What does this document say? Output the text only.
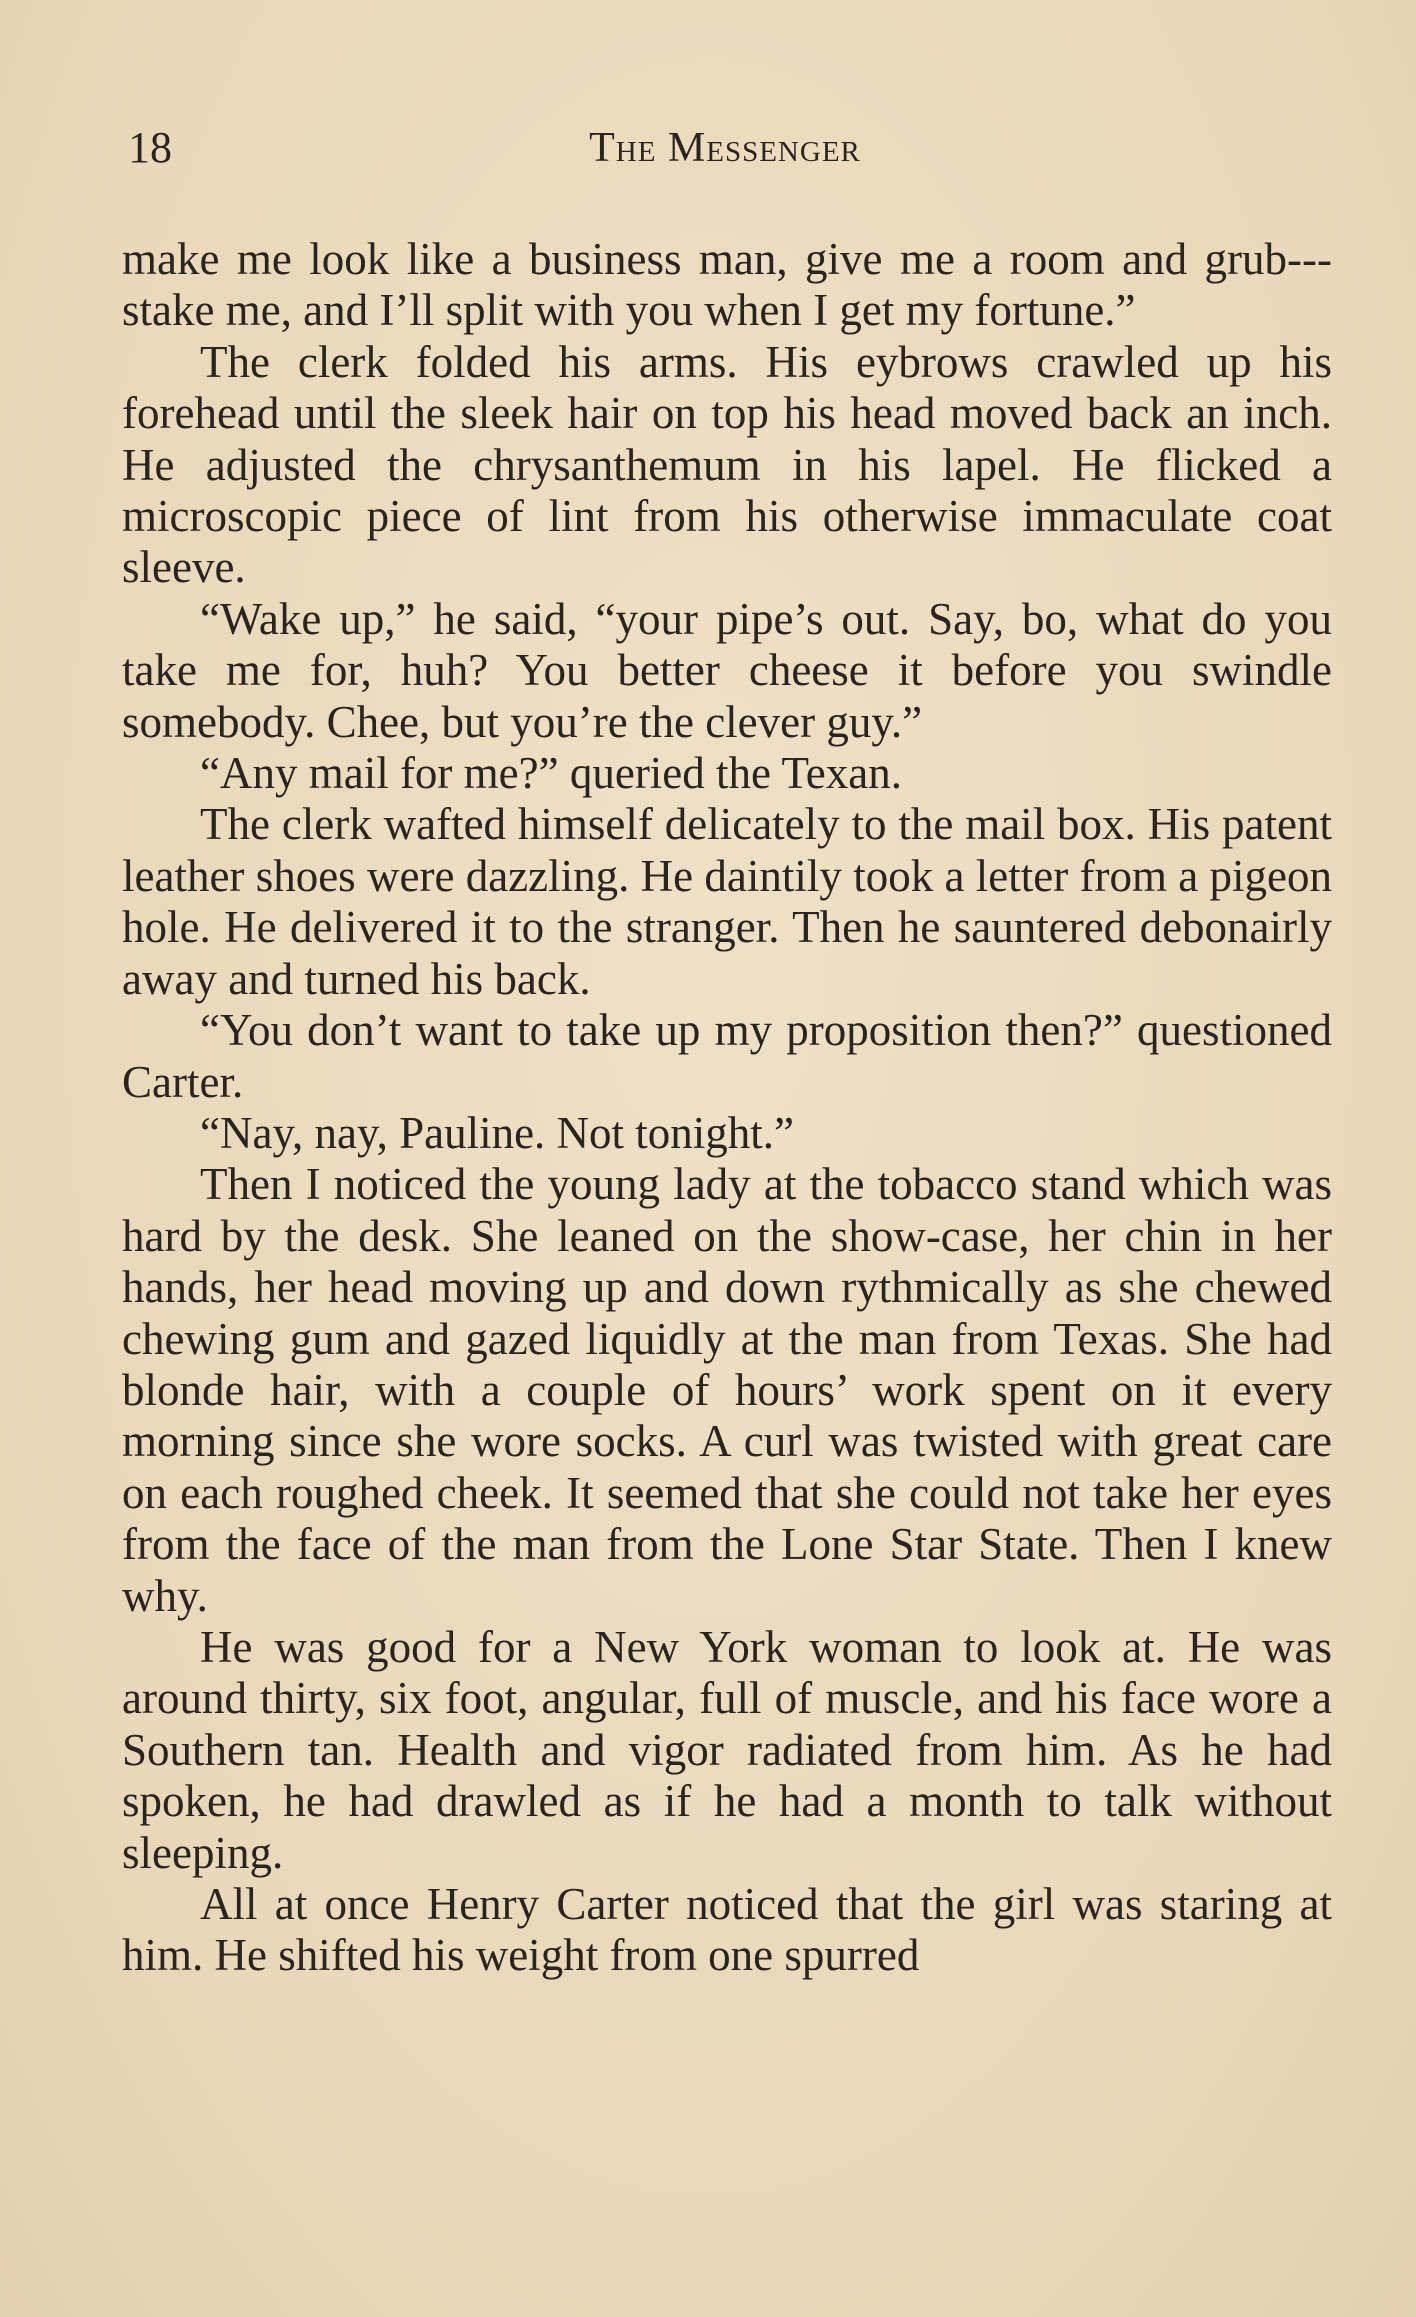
18	The Messenger

make me look like a business man, give me a room and grub---stake me, and I’ll split with you when I get my fortune.”

The clerk folded his arms. His eybrows crawled up his forehead until the sleek hair on top his head moved back an inch. He adjusted the chrysanthemum in his lapel. He flicked a microscopic piece of lint from his otherwise immaculate coat sleeve.

“Wake up,” he said, “your pipe’s out. Say, bo, what do you take me for, huh? You better cheese it before you swindle somebody. Chee, but you’re the clever guy.”

“Any mail for me?” queried the Texan.

The clerk wafted himself delicately to the mail box. His patent leather shoes were dazzling. He daintily took a letter from a pigeon hole. He delivered it to the stranger. Then he sauntered debonairly away and turned his back.

“You don’t want to take up my proposition then?” questioned Carter.

“Nay, nay, Pauline. Not tonight.”

Then I noticed the young lady at the tobacco stand which was hard by the desk. She leaned on the show-case, her chin in her hands, her head moving up and down rythmically as she chewed chewing gum and gazed liquidly at the man from Texas. She had blonde hair, with a couple of hours’ work spent on it every morning since she wore socks. A curl was twisted with great care on each roughed cheek. It seemed that she could not take her eyes from the face of the man from the Lone Star State. Then I knew why.

He was good for a New York woman to look at. He was around thirty, six foot, angular, full of muscle, and his face wore a Southern tan. Health and vigor radiated from him. As he had spoken, he had drawled as if he had a month to talk without sleeping.

All at once Henry Carter noticed that the girl was staring at him. He shifted his weight from one spurred
